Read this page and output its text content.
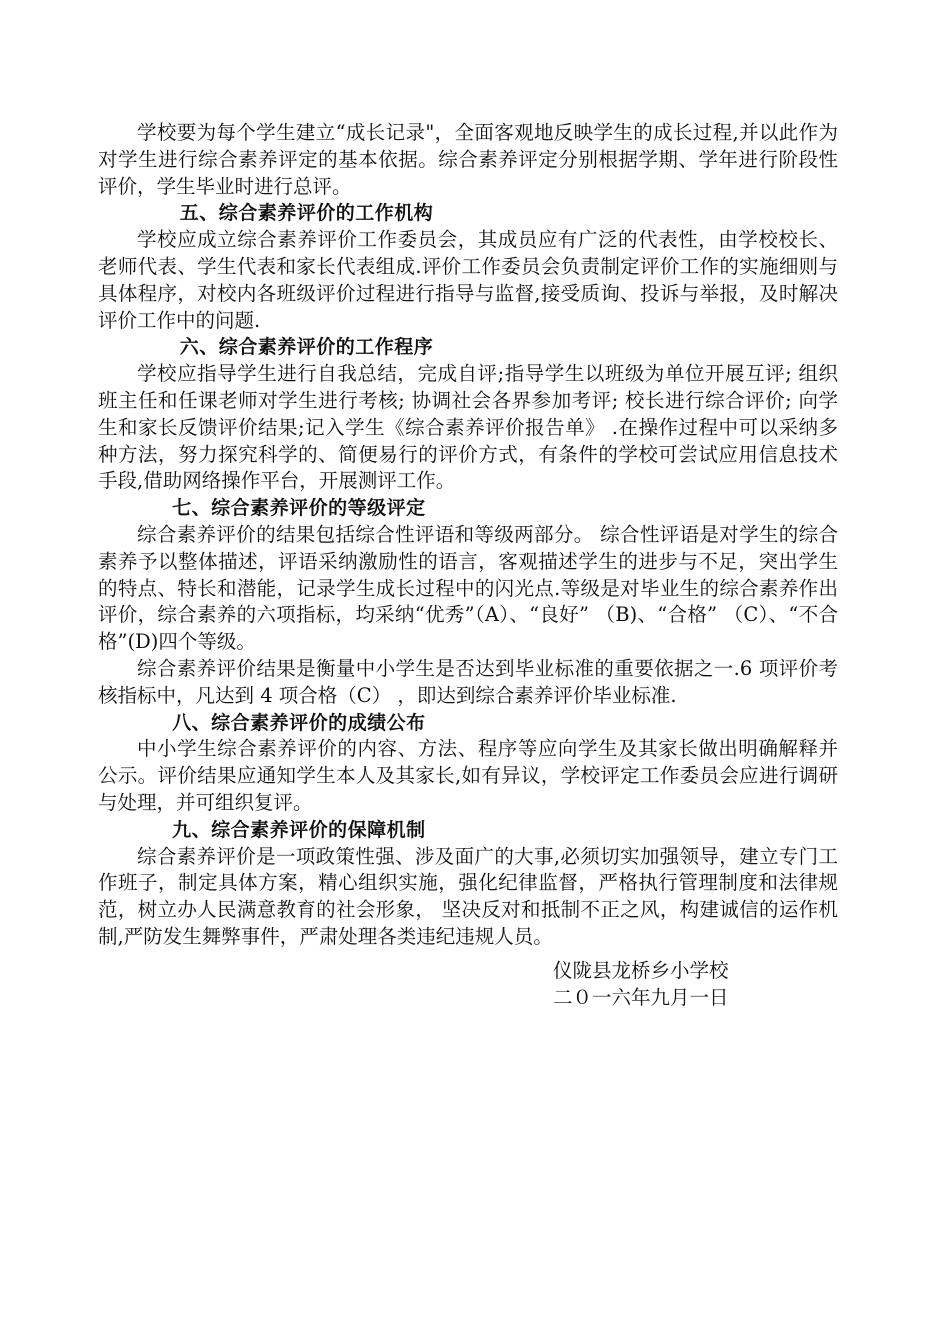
学校要为每个学生建立“成长记录"，全面客观地反映学生的成长过程,并以此作为对学生进行综合素养评定的基本依据。综合素养评定分别根据学期、学年进行阶段性评价，学生毕业时进行总评。

五、综合素养评价的工作机构

学校应成立综合素养评价工作委员会，其成员应有广泛的代表性，由学校校长、老师代表、学生代表和家长代表组成.评价工作委员会负责制定评价工作的实施细则与具体程序，对校内各班级评价过程进行指导与监督,接受质询、投诉与举报，及时解决评价工作中的问题.

六、综合素养评价的工作程序

学校应指导学生进行自我总结，完成自评;指导学生以班级为单位开展互评; 组织班主任和任课老师对学生进行考核; 协调社会各界参加考评; 校长进行综合评价; 向学生和家长反馈评价结果;记入学生《综合素养评价报告单》 .在操作过程中可以采纳多种方法，努力探究科学的、简便易行的评价方式，有条件的学校可尝试应用信息技术手段,借助网络操作平台，开展测评工作。

七、综合素养评价的等级评定

综合素养评价的结果包括综合性评语和等级两部分。 综合性评语是对学生的综合素养予以整体描述，评语采纳激励性的语言，客观描述学生的进步与不足，突出学生的特点、特长和潜能，记录学生成长过程中的闪光点.等级是对毕业生的综合素养作出评价，综合素养的六项指标，均采纳“优秀”（A）、“良好” （B)、“合格” （C）、“不合格”(D)四个等级。

综合素养评价结果是衡量中小学生是否达到毕业标准的重要依据之一.6 项评价考核指标中，凡达到 4 项合格（C） ，即达到综合素养评价毕业标准.

八、综合素养评价的成绩公布

中小学生综合素养评价的内容、方法、程序等应向学生及其家长做出明确解释并公示。评价结果应通知学生本人及其家长,如有异议，学校评定工作委员会应进行调研与处理，并可组织复评。

九、综合素养评价的保障机制

综合素养评价是一项政策性强、涉及面广的大事,必须切实加强领导，建立专门工作班子，制定具体方案，精心组织实施，强化纪律监督，严格执行管理制度和法律规范，树立办人民满意教育的社会形象， 坚决反对和抵制不正之风，构建诚信的运作机制,严防发生舞弊事件，严肃处理各类违纪违规人员。

仪陇县龙桥乡小学校
二０一六年九月一日
